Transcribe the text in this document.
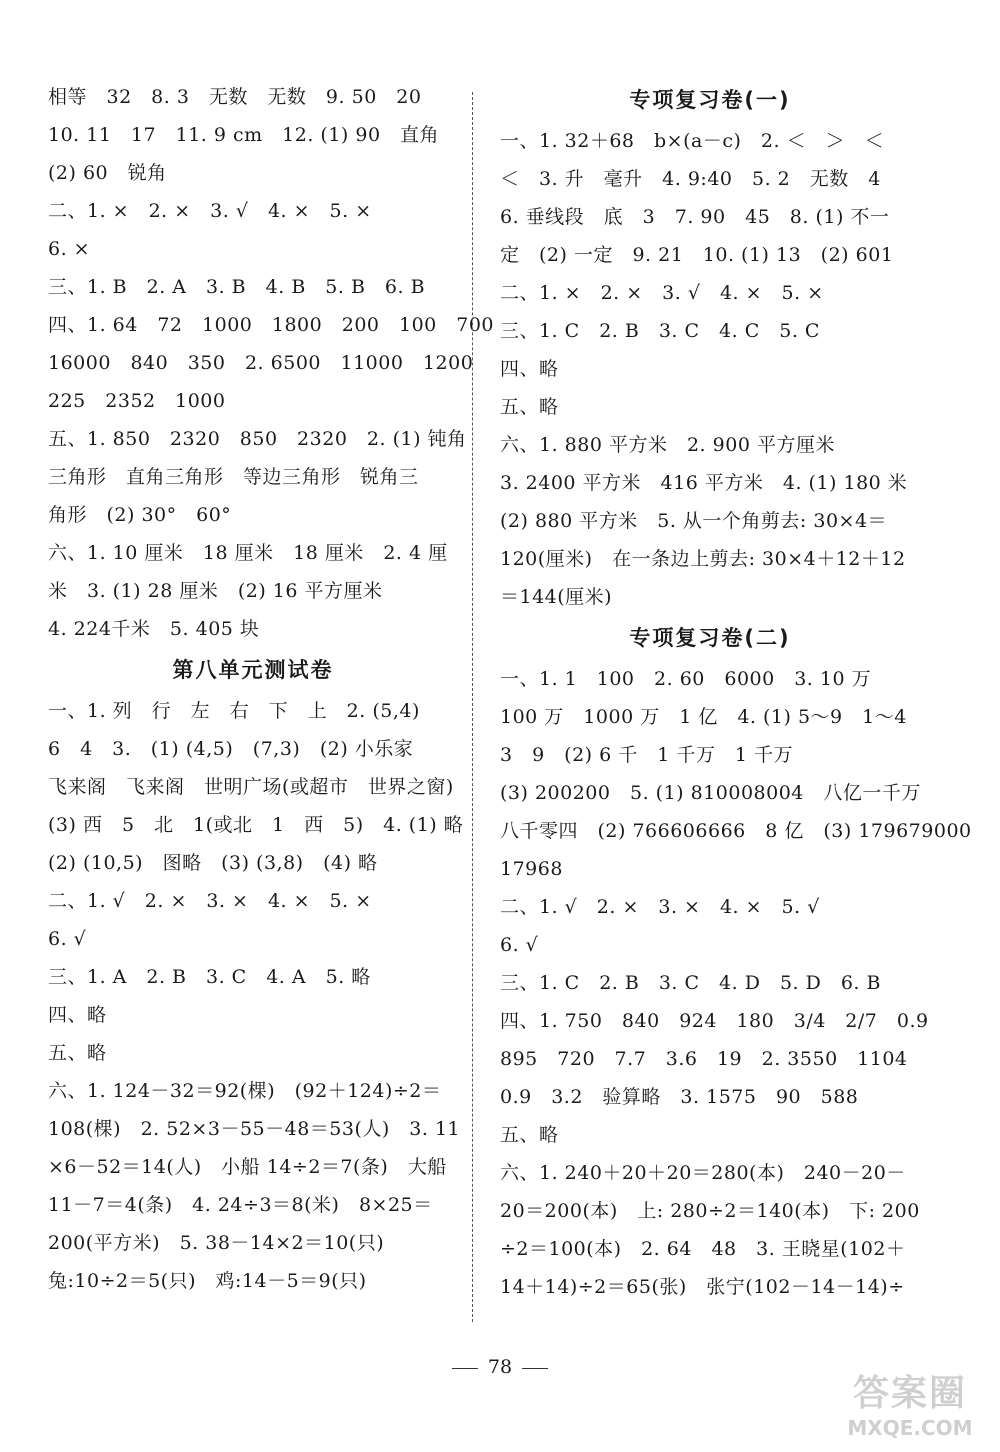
相等　32　8. 3　无数　无数　9. 50　20
10. 11　17　11. 9 cm　12. (1) 90　直角
(2) 60　锐角
二、1. ×　2. ×　3. √　4. ×　5. ×
6. ×
三、1. B　2. A　3. B　4. B　5. B　6. B
四、1. 64　72　1000　1800　200　100　700
16000　840　350　2. 6500　11000　1200
225　2352　1000
五、1. 850　2320　850　2320　2. (1) 钝角
三角形　直角三角形　等边三角形　锐角三
角形　(2) 30°　60°
六、1. 10 厘米　18 厘米　18 厘米　2. 4 厘
米　3. (1) 28 厘米　(2) 16 平方厘米
4. 224千米　5. 405 块
第八单元测试卷
一、1. 列　行　左　右　下　上　2. (5,4)
6　4　3.　(1) (4,5)　(7,3)　(2) 小乐家
飞来阁　飞来阁　世明广场(或超市　世界之窗)
(3) 西　5　北　1(或北　1　西　5)　4. (1) 略
(2) (10,5)　图略　(3) (3,8)　(4) 略
二、1. √　2. ×　3. ×　4. ×　5. ×
6. √
三、1. A　2. B　3. C　4. A　5. 略
四、略
五、略
六、1. 124－32＝92(棵)　(92＋124)÷2＝
108(棵)　2. 52×3－55－48＝53(人)　3. 11
×6－52＝14(人)　小船 14÷2＝7(条)　大船
11－7＝4(条)　4. 24÷3＝8(米)　8×25＝
200(平方米)　5. 38－14×2＝10(只)
兔:10÷2＝5(只)　鸡:14－5＝9(只)
专项复习卷(一)
一、1. 32＋68　b×(a－c)　2. ＜　＞　＜
＜　3. 升　毫升　4. 9:40　5. 2　无数　4
6. 垂线段　底　3　7. 90　45　8. (1) 不一
定　(2) 一定　9. 21　10. (1) 13　(2) 601
二、1. ×　2. ×　3. √　4. ×　5. ×
三、1. C　2. B　3. C　4. C　5. C
四、略
五、略
六、1. 880 平方米　2. 900 平方厘米
3. 2400 平方米　416 平方米　4. (1) 180 米
(2) 880 平方米　5. 从一个角剪去: 30×4＝
120(厘米)　在一条边上剪去: 30×4＋12＋12
＝144(厘米)
专项复习卷(二)
一、1. 1　100　2. 60　6000　3. 10 万
100 万　1000 万　1 亿　4. (1) 5～9　1～4
3　9　(2) 6 千　1 千万　1 千万
(3) 200200　5. (1) 810008004　八亿一千万
八千零四　(2) 766606666　8 亿　(3) 179679000
17968
二、1. √　2. ×　3. ×　4. ×　5. √
6. √
三、1. C　2. B　3. C　4. D　5. D　6. B
四、1. 750　840　924　180　3/4　2/7　0.9
895　720　7.7　3.6　19　2. 3550　1104
0.9　3.2　验算略　3. 1575　90　588
五、略
六、1. 240＋20＋20＝280(本)　240－20－
20＝200(本)　上: 280÷2＝140(本)　下: 200
÷2＝100(本)　2. 64　48　3. 王晓星(102＋
14＋14)÷2＝65(张)　张宁(102－14－14)÷
78
答案圈
MXQE.COM
